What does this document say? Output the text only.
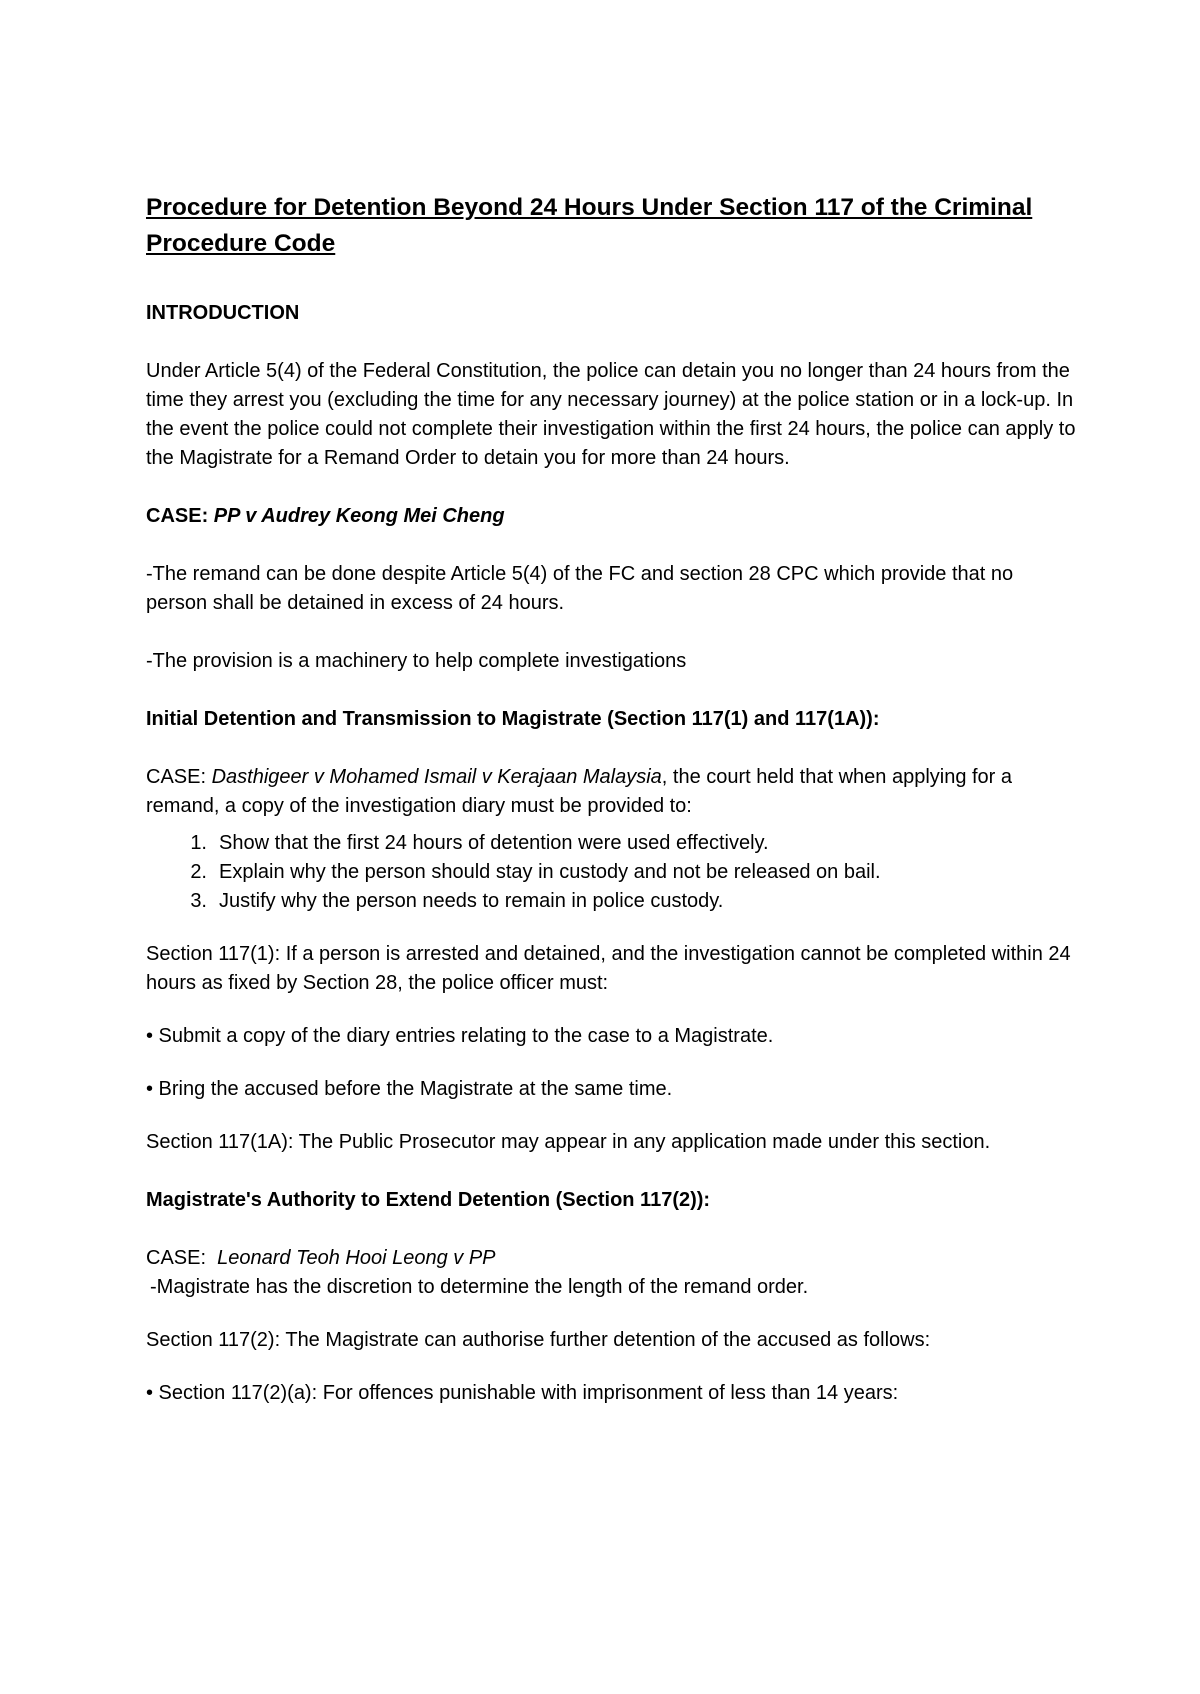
Procedure for Detention Beyond 24 Hours Under Section 117 of the Criminal Procedure Code

INTRODUCTION

Under Article 5(4) of the Federal Constitution, the police can detain you no longer than 24 hours from the time they arrest you (excluding the time for any necessary journey) at the police station or in a lock-up. In the event the police could not complete their investigation within the first 24 hours, the police can apply to the Magistrate for a Remand Order to detain you for more than 24 hours.

CASE: PP v Audrey Keong Mei Cheng

-The remand can be done despite Article 5(4) of the FC and section 28 CPC which provide that no person shall be detained in excess of 24 hours.

-The provision is a machinery to help complete investigations

Initial Detention and Transmission to Magistrate (Section 117(1) and 117(1A)):

CASE: Dasthigeer v Mohamed Ismail v Kerajaan Malaysia, the court held that when applying for a remand, a copy of the investigation diary must be provided to:

1. Show that the first 24 hours of detention were used effectively.
2. Explain why the person should stay in custody and not be released on bail.
3. Justify why the person needs to remain in police custody.

Section 117(1): If a person is arrested and detained, and the investigation cannot be completed within 24 hours as fixed by Section 28, the police officer must:

• Submit a copy of the diary entries relating to the case to a Magistrate.

• Bring the accused before the Magistrate at the same time.

Section 117(1A): The Public Prosecutor may appear in any application made under this section.

Magistrate's Authority to Extend Detention (Section 117(2)):

CASE: Leonard Teoh Hooi Leong v PP

-Magistrate has the discretion to determine the length of the remand order.

Section 117(2): The Magistrate can authorise further detention of the accused as follows:

• Section 117(2)(a): For offences punishable with imprisonment of less than 14 years:
